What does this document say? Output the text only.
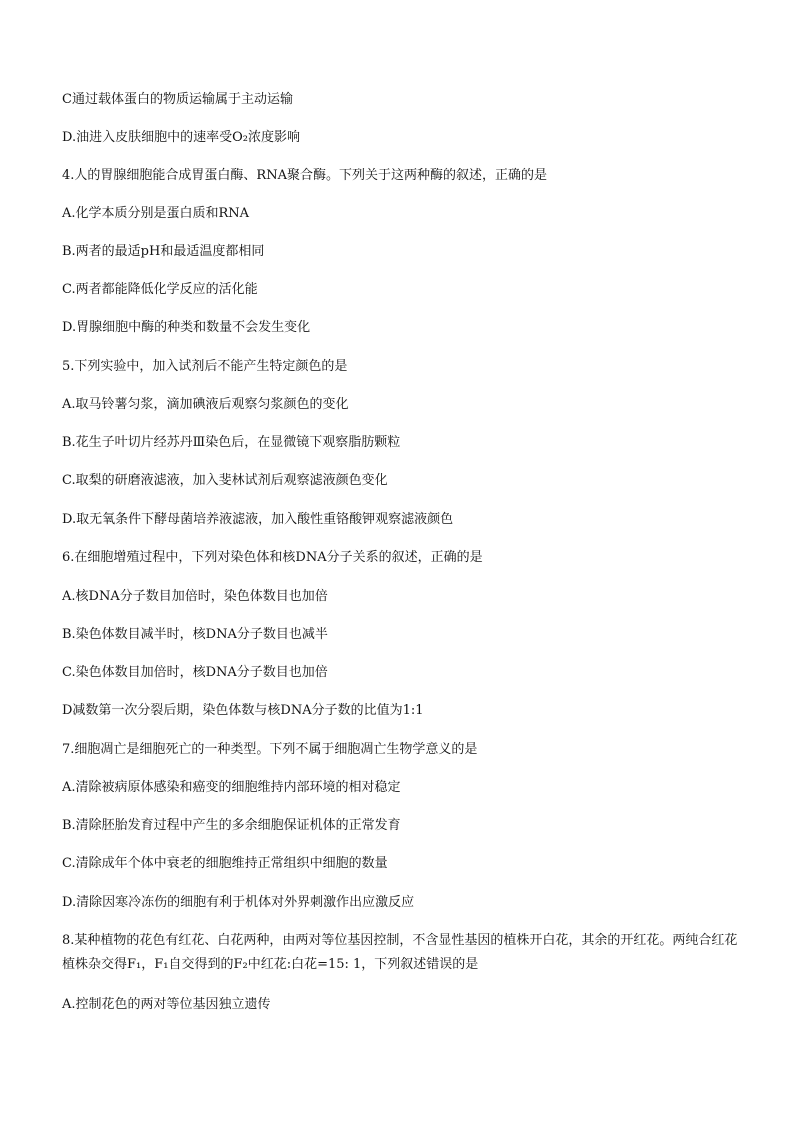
C通过载体蛋白的物质运输属于主动运输
D.油进入皮肤细胞中的速率受O₂浓度影响
4.人的胃腺细胞能合成胃蛋白酶、RNA聚合酶。下列关于这两种酶的叙述，正确的是
A.化学本质分别是蛋白质和RNA
B.两者的最适pH和最适温度都相同
C.两者都能降低化学反应的活化能
D.胃腺细胞中酶的种类和数量不会发生变化
5.下列实验中，加入试剂后不能产生特定颜色的是
A.取马铃薯匀浆，滴加碘液后观察匀浆颜色的变化
B.花生子叶切片经苏丹Ⅲ染色后，在显微镜下观察脂肪颗粒
C.取梨的研磨液滤液，加入斐林试剂后观察滤液颜色变化
D.取无氧条件下酵母菌培养液滤液，加入酸性重铬酸钾观察滤液颜色
6.在细胞增殖过程中，下列对染色体和核DNA分子关系的叙述，正确的是
A.核DNA分子数目加倍时，染色体数目也加倍
B.染色体数目减半时，核DNA分子数目也减半
C.染色体数目加倍时，核DNA分子数目也加倍
D减数第一次分裂后期，染色体数与核DNA分子数的比值为1:1
7.细胞凋亡是细胞死亡的一种类型。下列不属于细胞凋亡生物学意义的是
A.清除被病原体感染和癌变的细胞维持内部环境的相对稳定
B.清除胚胎发育过程中产生的多余细胞保证机体的正常发育
C.清除成年个体中衰老的细胞维持正常组织中细胞的数量
D.清除因寒冷冻伤的细胞有利于机体对外界刺激作出应激反应
8.某种植物的花色有红花、白花两种，由两对等位基因控制，不含显性基因的植株开白花，其余的开红花。两纯合红花植株杂交得F₁，F₁自交得到的F₂中红花:白花=15: 1，下列叙述错误的是
A.控制花色的两对等位基因独立遗传
